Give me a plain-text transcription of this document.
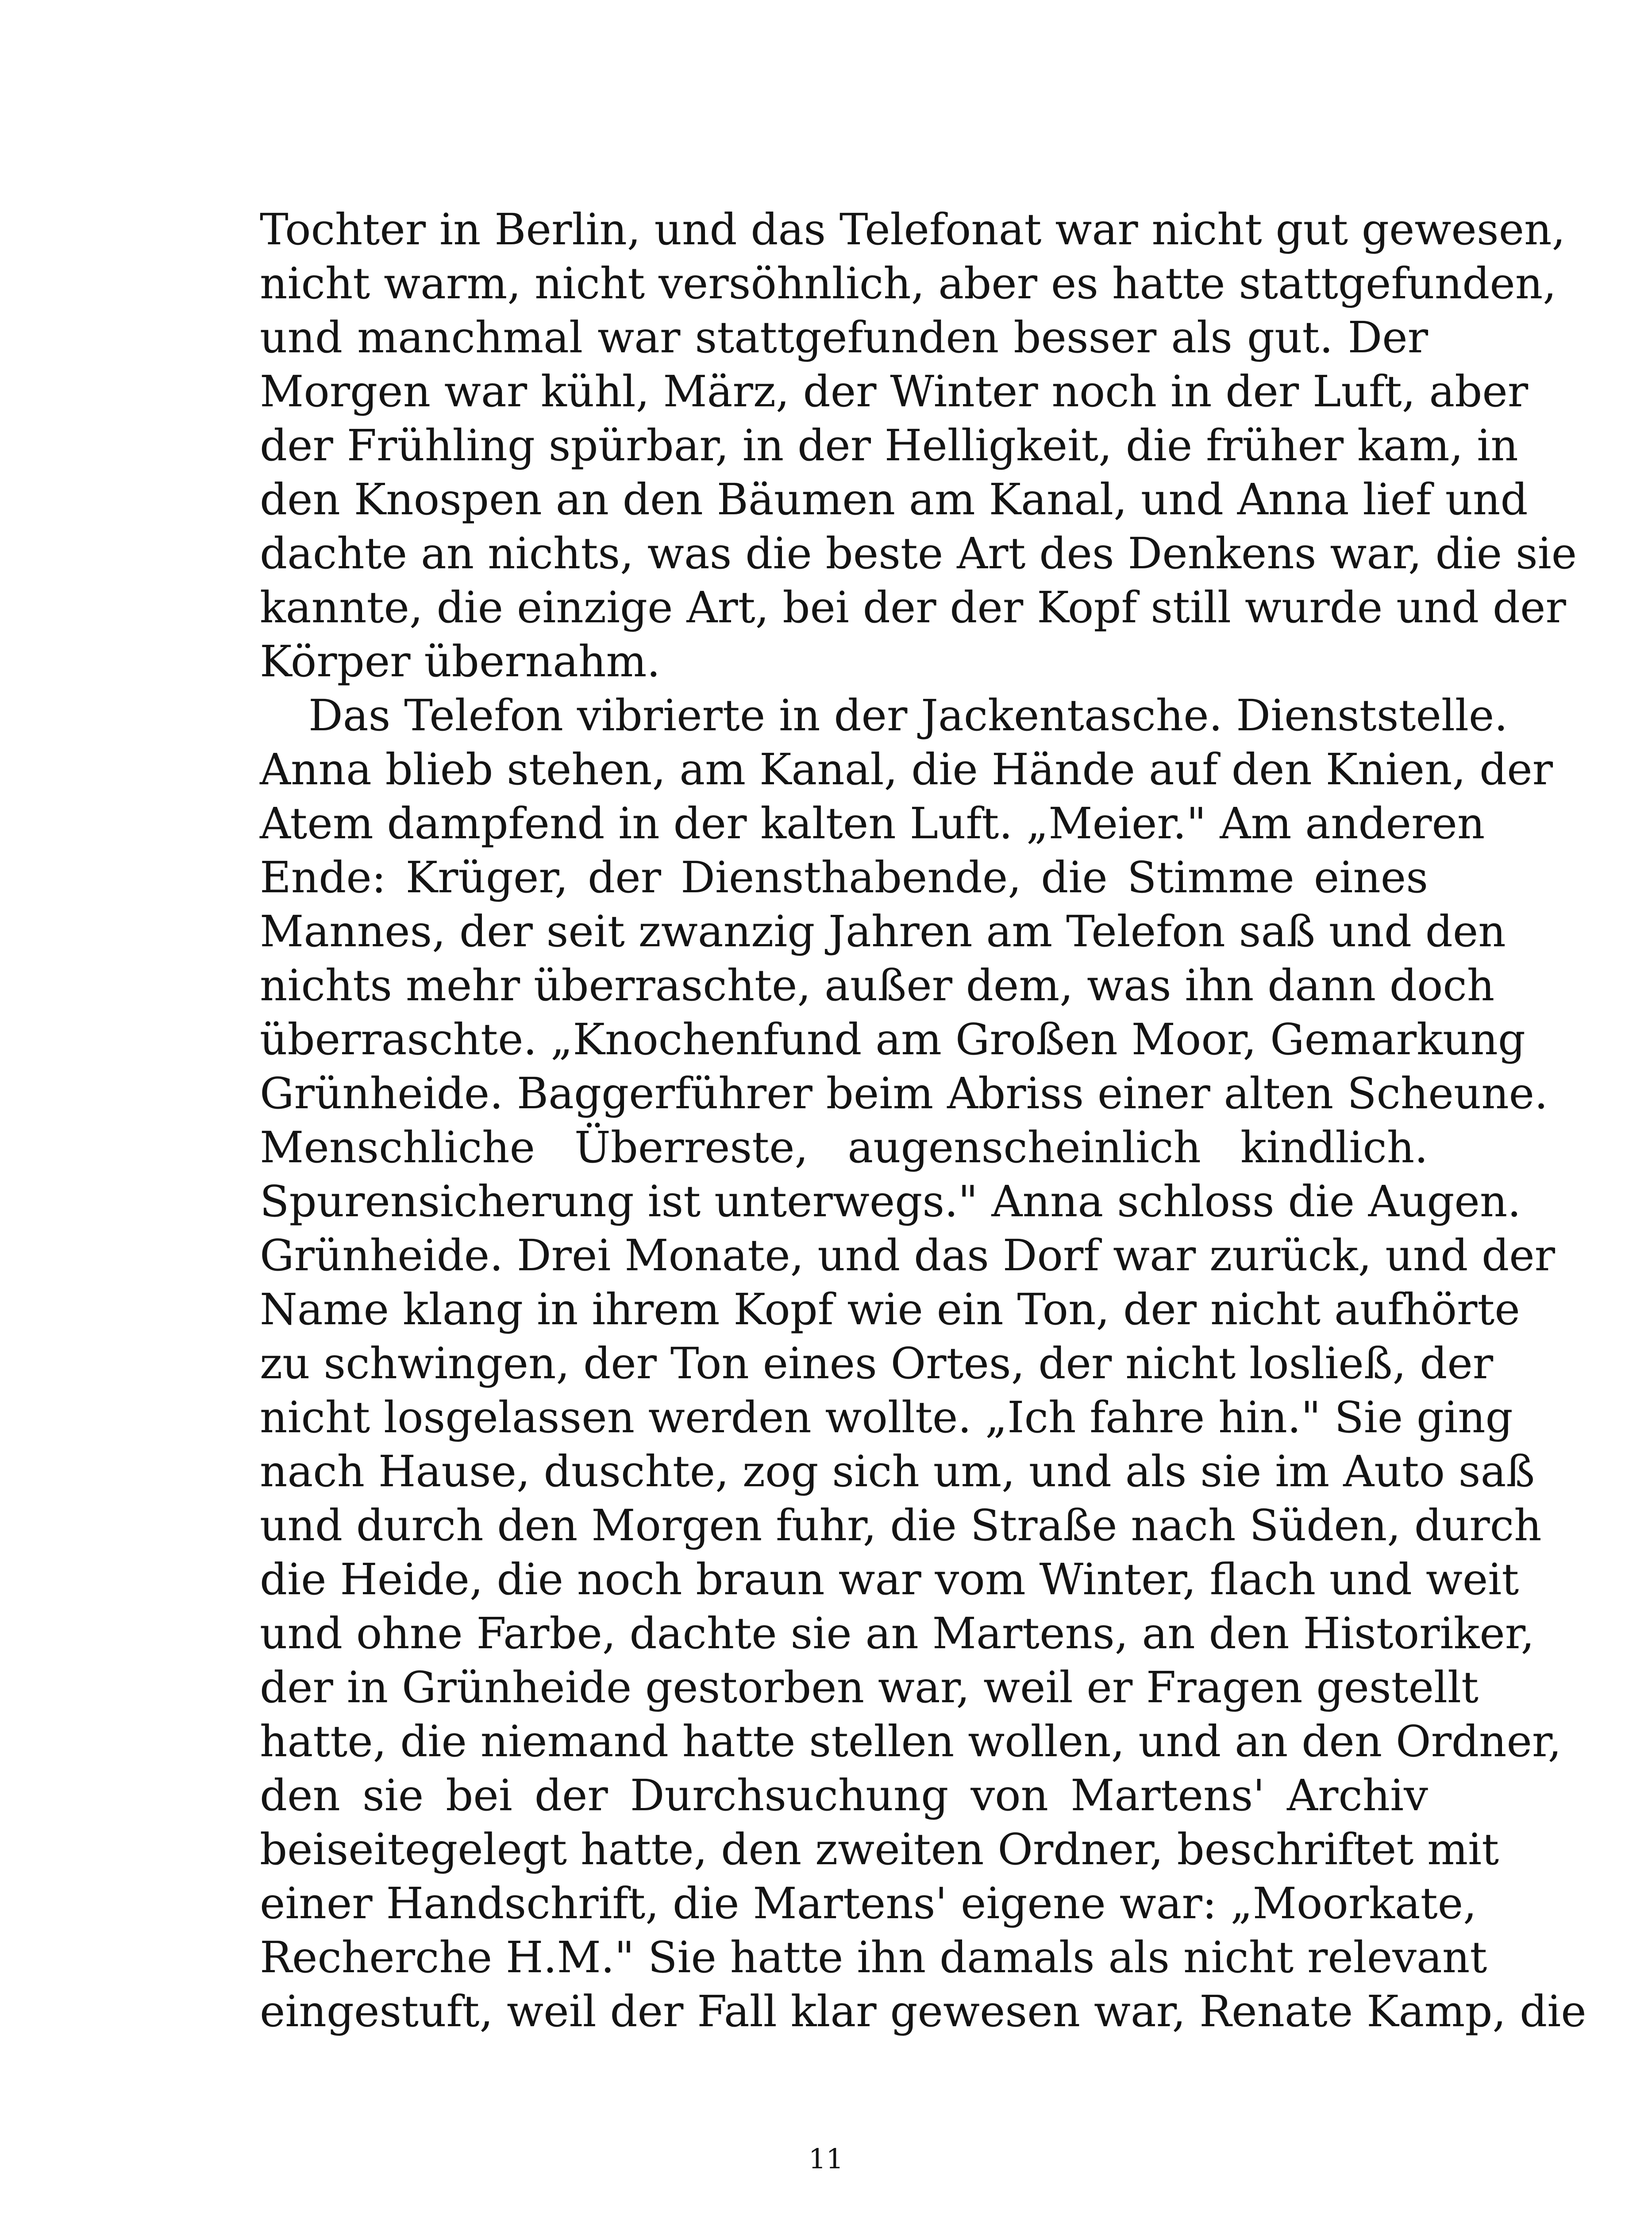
Tochter in Berlin, und das Telefonat war nicht gut gewesen,
nicht warm, nicht versöhnlich, aber es hatte stattgefunden,
und manchmal war stattgefunden besser als gut. Der
Morgen war kühl, März, der Winter noch in der Luft, aber
der Frühling spürbar, in der Helligkeit, die früher kam, in
den Knospen an den Bäumen am Kanal, und Anna lief und
dachte an nichts, was die beste Art des Denkens war, die sie
kannte, die einzige Art, bei der der Kopf still wurde und der
Körper übernahm.
Das Telefon vibrierte in der Jackentasche. Dienststelle.
Anna blieb stehen, am Kanal, die Hände auf den Knien, der
Atem dampfend in der kalten Luft. „Meier." Am anderen
Ende: Krüger, der Diensthabende, die Stimme eines
Mannes, der seit zwanzig Jahren am Telefon saß und den
nichts mehr überraschte, außer dem, was ihn dann doch
überraschte. „Knochenfund am Großen Moor, Gemarkung
Grünheide. Baggerführer beim Abriss einer alten Scheune.
Menschliche Überreste, augenscheinlich kindlich.
Spurensicherung ist unterwegs." Anna schloss die Augen.
Grünheide. Drei Monate, und das Dorf war zurück, und der
Name klang in ihrem Kopf wie ein Ton, der nicht aufhörte
zu schwingen, der Ton eines Ortes, der nicht losließ, der
nicht losgelassen werden wollte. „Ich fahre hin." Sie ging
nach Hause, duschte, zog sich um, und als sie im Auto saß
und durch den Morgen fuhr, die Straße nach Süden, durch
die Heide, die noch braun war vom Winter, flach und weit
und ohne Farbe, dachte sie an Martens, an den Historiker,
der in Grünheide gestorben war, weil er Fragen gestellt
hatte, die niemand hatte stellen wollen, und an den Ordner,
den sie bei der Durchsuchung von Martens' Archiv
beiseitegelegt hatte, den zweiten Ordner, beschriftet mit
einer Handschrift, die Martens' eigene war: „Moorkate,
Recherche H.M." Sie hatte ihn damals als nicht relevant
eingestuft, weil der Fall klar gewesen war, Renate Kamp, die
11
